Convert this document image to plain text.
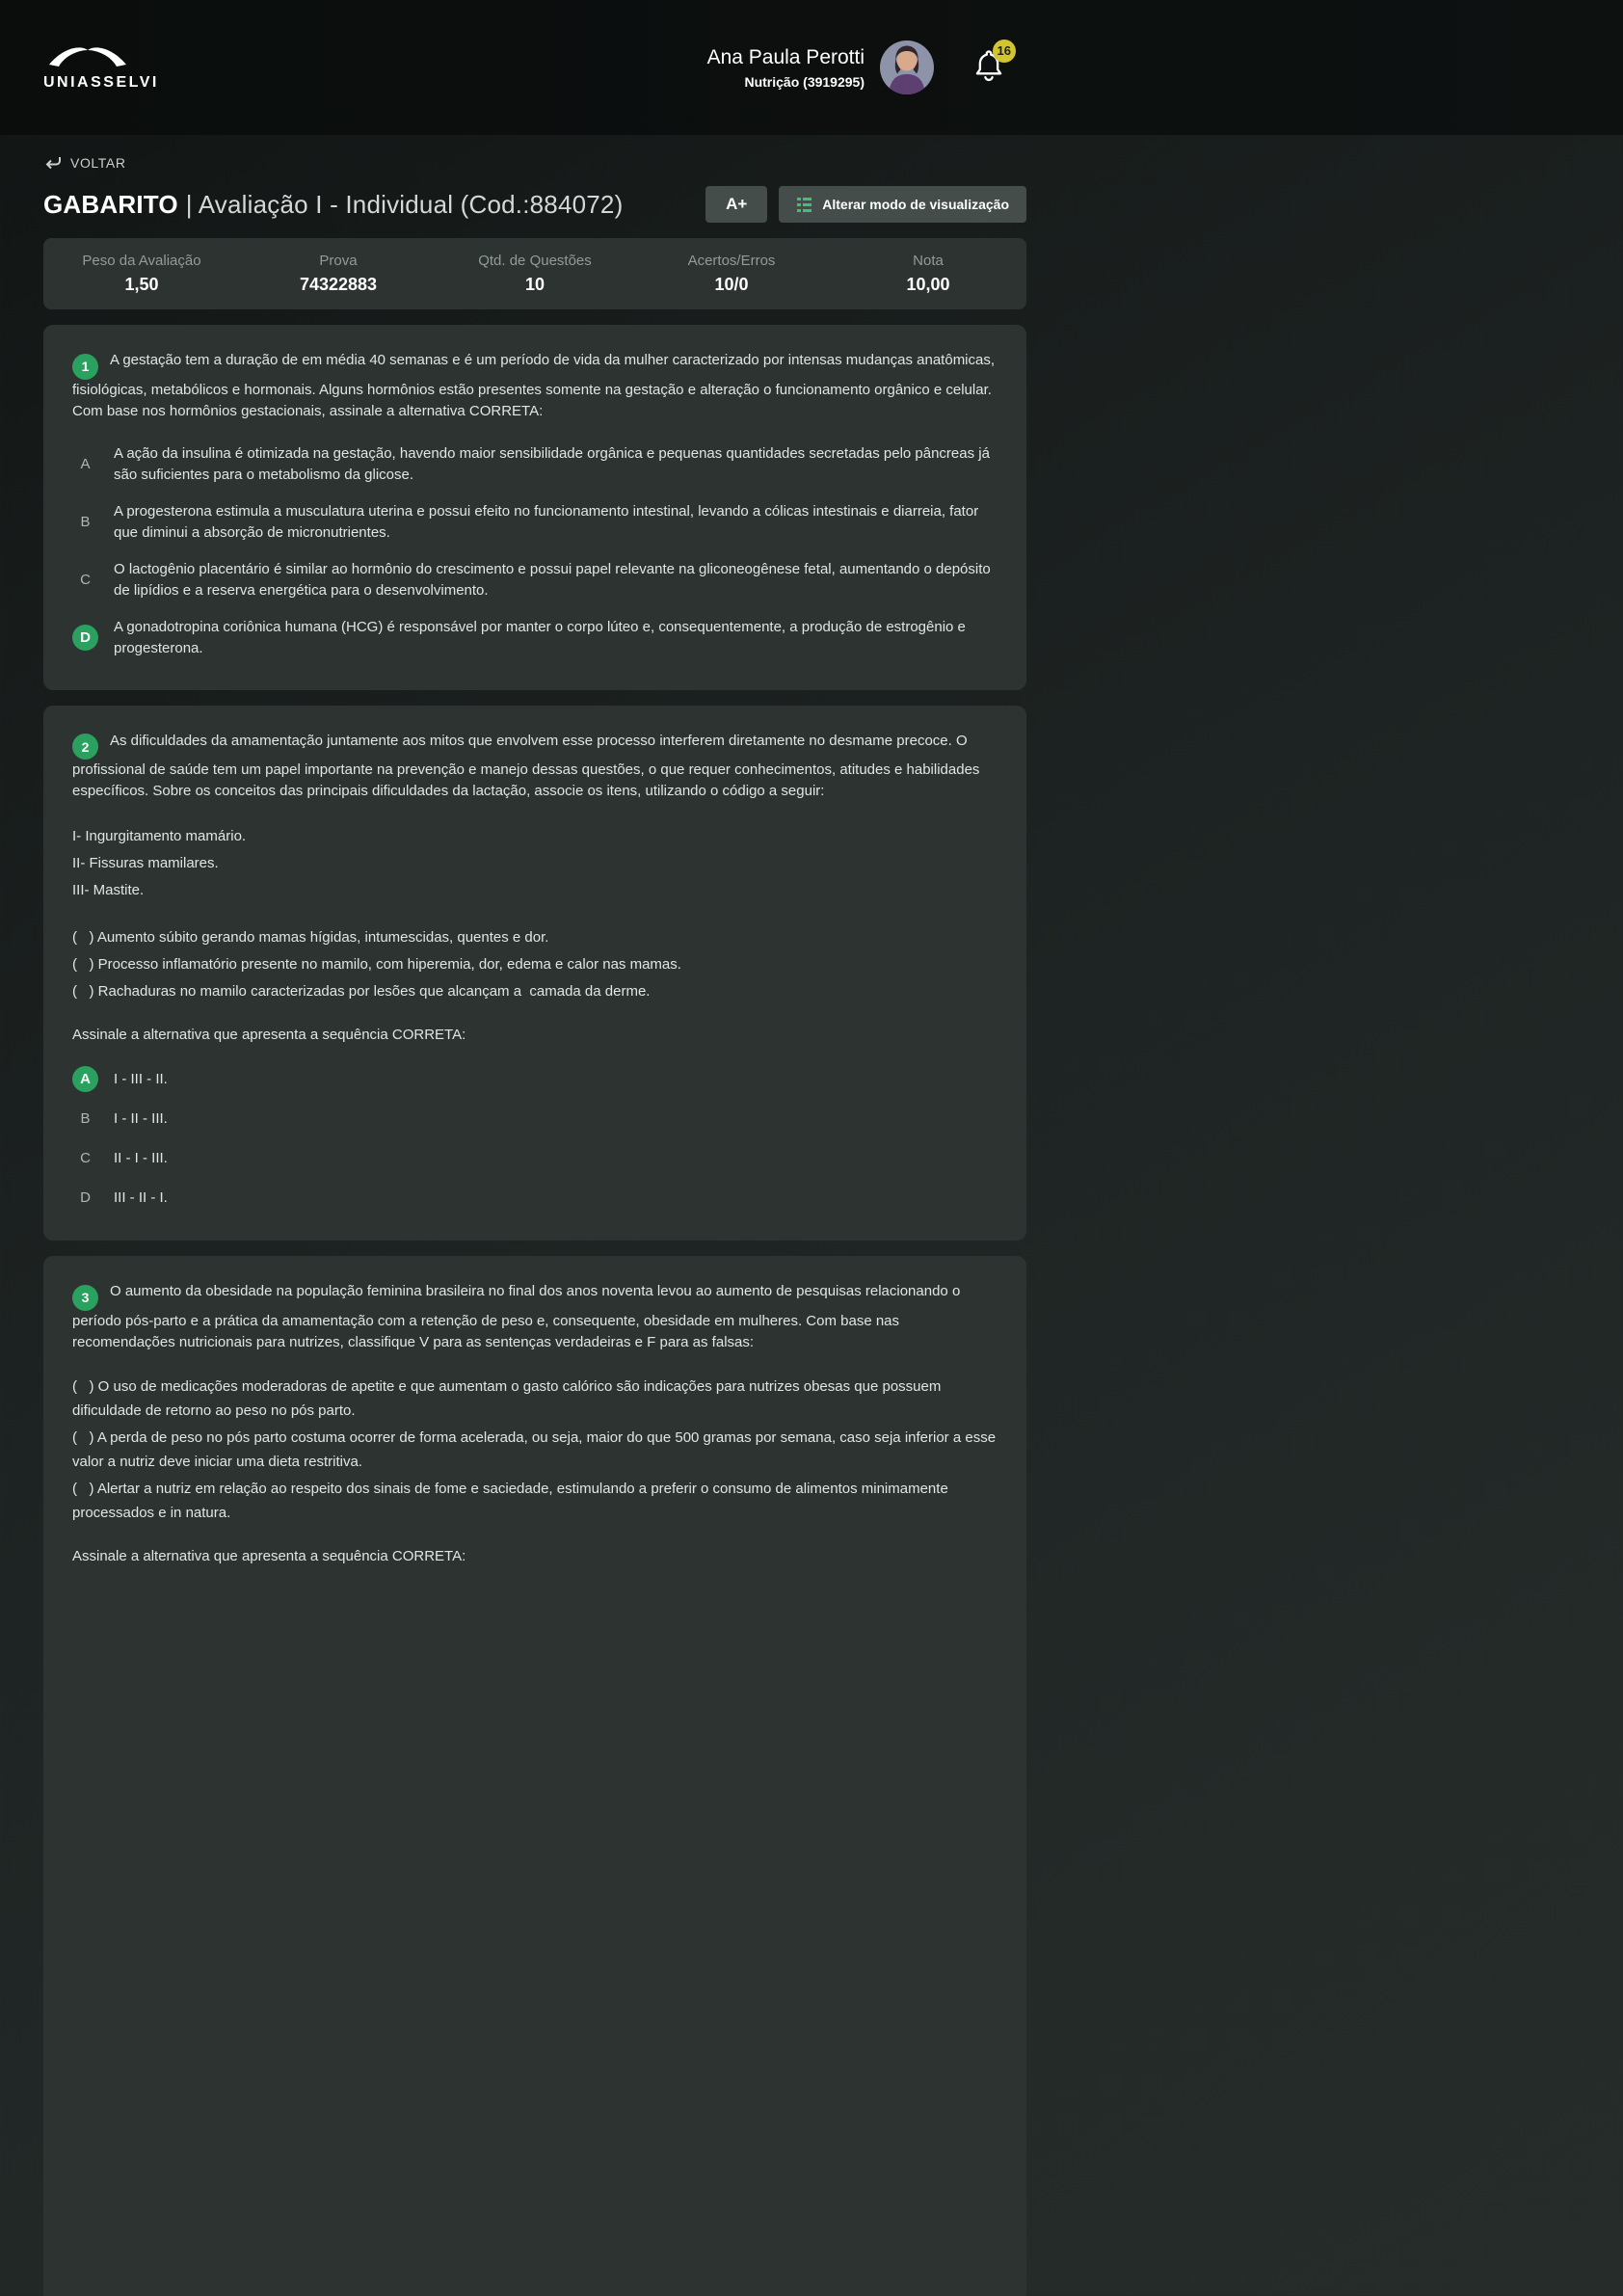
UNIASSELVI
Ana Paula Perotti
Nutrição (3919295)
16
VOLTAR
GABARITO | Avaliação I - Individual (Cod.:884072)	A+	Alterar modo de visualização
Peso da Avaliação
1,50
Prova
74322883
Qtd. de Questões
10
Acertos/Erros
10/0
Nota
10,00

1 A gestação tem a duração de em média 40 semanas e é um período de vida da mulher caracterizado por intensas mudanças anatômicas, fisiológicas, metabólicos e hormonais. Alguns hormônios estão presentes somente na gestação e alteração o funcionamento orgânico e celular. Com base nos hormônios gestacionais, assinale a alternativa CORRETA:

A
A ação da insulina é otimizada na gestação, havendo maior sensibilidade orgânica e pequenas quantidades secretadas pelo pâncreas já são suficientes para o metabolismo da glicose.
B
A progesterona estimula a musculatura uterina e possui efeito no funcionamento intestinal, levando a cólicas intestinais e diarreia, fator que diminui a absorção de micronutrientes.
C
O lactogênio placentário é similar ao hormônio do crescimento e possui papel relevante na gliconeogênese fetal, aumentando o depósito de lipídios e a reserva energética para o desenvolvimento.
D
A gonadotropina coriônica humana (HCG) é responsável por manter o corpo lúteo e, consequentemente, a produção de estrogênio e progesterona.

2 As dificuldades da amamentação juntamente aos mitos que envolvem esse processo interferem diretamente no desmame precoce. O profissional de saúde tem um papel importante na prevenção e manejo dessas questões, o que requer conhecimentos, atitudes e habilidades específicos. Sobre os conceitos das principais dificuldades da lactação, associe os itens, utilizando o código a seguir:

I- Ingurgitamento mamário.

II- Fissuras mamilares.

III- Mastite.

(   ) Aumento súbito gerando mamas hígidas, intumescidas, quentes e dor.

(   ) Processo inflamatório presente no mamilo, com hiperemia, dor, edema e calor nas mamas.

(   ) Rachaduras no mamilo caracterizadas por lesões que alcançam a  camada da derme.

Assinale a alternativa que apresenta a sequência CORRETA:

A	I - III - II.
B	I - II - III.
C	II - I - III.
D	III - II - I.

3 O aumento da obesidade na população feminina brasileira no final dos anos noventa levou ao aumento de pesquisas relacionando o período pós-parto e a prática da amamentação com a retenção de peso e, consequente, obesidade em mulheres. Com base nas recomendações nutricionais para nutrizes, classifique V para as sentenças verdadeiras e F para as falsas:

(   ) O uso de medicações moderadoras de apetite e que aumentam o gasto calórico são indicações para nutrizes obesas que possuem dificuldade de retorno ao peso no pós parto.

(   ) A perda de peso no pós parto costuma ocorrer de forma acelerada, ou seja, maior do que 500 gramas por semana, caso seja inferior a esse valor a nutriz deve iniciar uma dieta restritiva.

(   ) Alertar a nutriz em relação ao respeito dos sinais de fome e saciedade, estimulando a preferir o consumo de alimentos minimamente processados e in natura.

Assinale a alternativa que apresenta a sequência CORRETA:
